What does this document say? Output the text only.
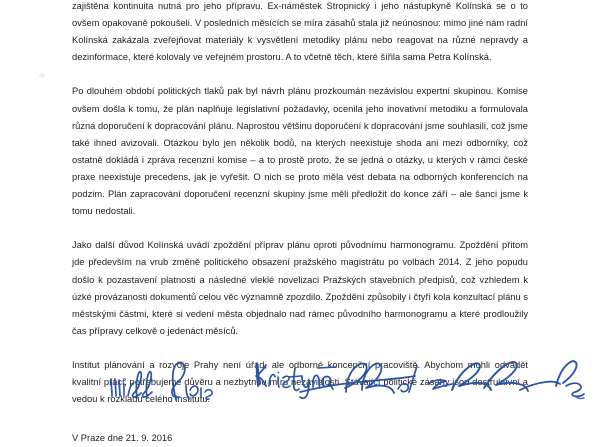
zajištěna kontinuita nutná pro jeho přípravu. Ex-náměstek Stropnický i jeho nástupkyně Kolínská se o to ovšem opakovaně pokoušeli. V posledních měsících se míra zásahů stala již neúnosnou: mimo jiné nám radní Kolínská zakázala zveřejňovat materiály k vysvětlení metodiky plánu nebo reagovat na různé nepravdy a dezinformace, které kolovaly ve veřejném prostoru. A to včetně těch, které šířila sama Petra Kolínská.

Po dlouhém období politických tlaků pak byl návrh plánu prozkoumán nezávislou expertní skupinou. Komise ovšem došla k tomu, že plán naplňuje legislativní požadavky, ocenila jeho inovativní metodiku a formulovala různá doporučení k dopracování plánu. Naprostou většinu doporučení k dopracování jsme souhlasili, což jsme také ihned avizovali. Otázkou bylo jen několik bodů, na kterých neexistuje shoda ani mezi odborníky, což ostatně dokládá i zpráva recenzní komise – a to prostě proto, že se jedná o otázky, u kterých v rámci české praxe neexistuje precedens, jak je vyřešit. O nich se proto měla vést debata na odborných konferencích na podzim. Plán zapracování doporučení recenzní skupiny jsme měli předložit do konce září – ale šanci jsme k tomu nedostali.

Jako další důvod Kolínská uvádí zpoždění příprav plánu oproti původnímu harmonogramu. Zpoždění přitom jde především na vrub změně politického obsazení pražského magistrátu po volbách 2014. Z jeho popudu došlo k pozastavení platnosti a následné vleklé novelizaci Pražských stavebních předpisů, což vzhledem k úzké provázanosti dokumentů celou věc významně zpozdilo. Zpoždění způsobily i čtyři kola konzultací plánu s městskými částmi, které si vedení města objednalo nad rámec původního harmonogramu a které prodloužily čas přípravy celkově o jedenáct měsíců.

Institut plánování a rozvoje Prahy není úřad, ale odborné koncepční pracoviště. Abychom mohli odvádět kvalitní práci, potřebujeme důvěru a nezbytnou míru nezávislosti. Stávající politické zásahy jsou destruktivní a vedou k rozkladu celého institutu.

V Praze dne 21. 9. 2016
